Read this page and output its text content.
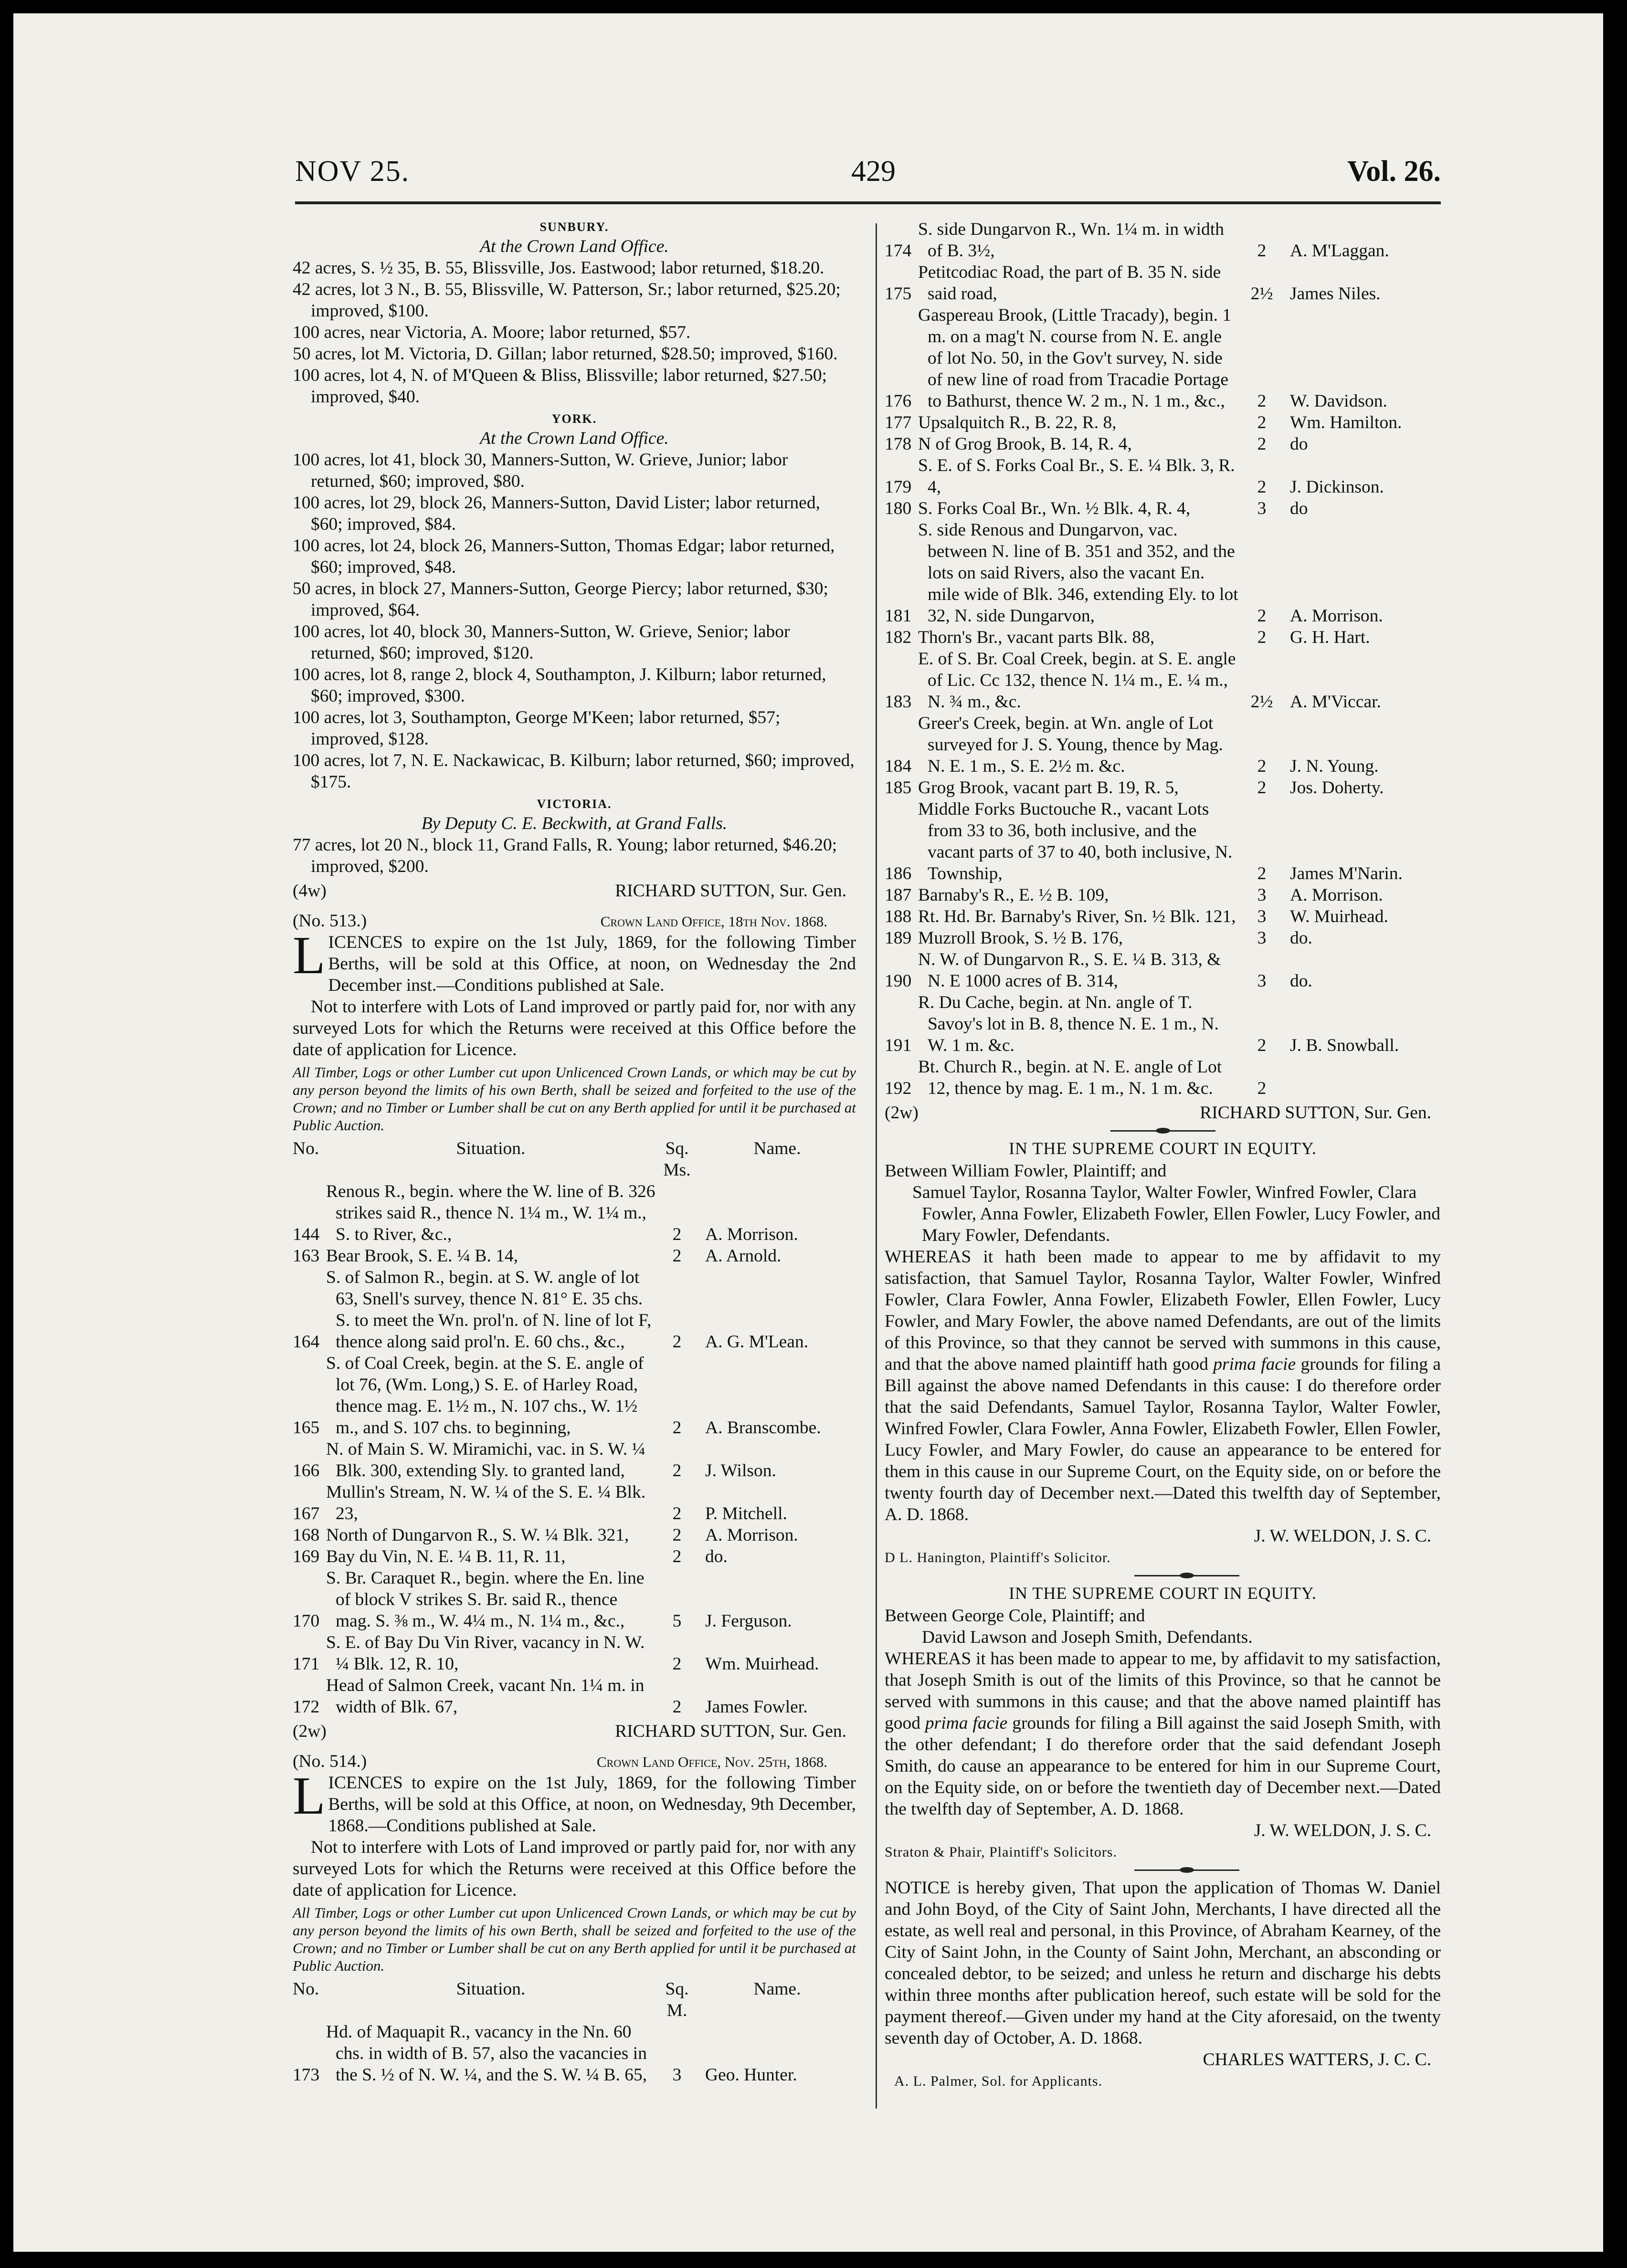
NOV 25.	429	Vol. 26.
SUNBURY.
At the Crown Land Office.

42 acres, S. ½ 35, B. 55, Blissville, Jos. Eastwood; labor returned, $18.20.

42 acres, lot 3 N., B. 55, Blissville, W. Patterson, Sr.; labor returned, $25.20; improved, $100.

100 acres, near Victoria, A. Moore; labor returned, $57.

50 acres, lot M. Victoria, D. Gillan; labor returned, $28.50; improved, $160.

100 acres, lot 4, N. of M'Queen & Bliss, Blissville; labor returned, $27.50; improved, $40.

YORK.
At the Crown Land Office.

100 acres, lot 41, block 30, Manners-Sutton, W. Grieve, Junior; labor returned, $60; improved, $80.

100 acres, lot 29, block 26, Manners-Sutton, David Lister; labor returned, $60; improved, $84.

100 acres, lot 24, block 26, Manners-Sutton, Thomas Edgar; labor returned, $60; improved, $48.

50 acres, in block 27, Manners-Sutton, George Piercy; labor returned, $30; improved, $64.

100 acres, lot 40, block 30, Manners-Sutton, W. Grieve, Senior; labor returned, $60; improved, $120.

100 acres, lot 8, range 2, block 4, Southampton, J. Kilburn; labor returned, $60; improved, $300.

100 acres, lot 3, Southampton, George M'Keen; labor returned, $57; improved, $128.

100 acres, lot 7, N. E. Nackawicac, B. Kilburn; labor returned, $60; improved, $175.

VICTORIA.
By Deputy C. E. Beckwith, at Grand Falls.

77 acres, lot 20 N., block 11, Grand Falls, R. Young; labor returned, $46.20; improved, $200.

(4w)	RICHARD SUTTON, Sur. Gen.
(No. 513.)	Crown Land Office, 18th Nov. 1868.

LICENCES to expire on the 1st July, 1869, for the following Timber Berths, will be sold at this Office, at noon, on Wednesday the 2nd December inst.—Conditions published at Sale.

Not to interfere with Lots of Land improved or partly paid for, nor with any surveyed Lots for which the Returns were received at this Office before the date of application for Licence.

All Timber, Logs or other Lumber cut upon Unlicenced Crown Lands, or which may be cut by any person beyond the limits of his own Berth, shall be seized and forfeited to the use of the Crown; and no Timber or Lumber shall be cut on any Berth applied for until it be purchased at Public Auction.

No.	Situation.	Sq. Ms.
Name.
144
Renous R., begin. where the W. line of B. 326 strikes said R., thence N. 1¼ m., W. 1¼ m., S. to River, &c.,	2	A. Morrison.
163 Bear Brook, S. E. ¼ B. 14,	2	A. Arnold.
164
S. of Salmon R., begin. at S. W. angle of lot 63, Snell's survey, thence N. 81° E. 35 chs. S. to meet the Wn. prol'n. of N. line of lot F, thence along said prol'n. E. 60 chs., &c.,	2	A. G. M'Lean.
165
S. of Coal Creek, begin. at the S. E. angle of lot 76, (Wm. Long,) S. E. of Harley Road, thence mag. E. 1½ m., N. 107 chs., W. 1½ m., and S. 107 chs. to beginning,	2	A. Branscombe.
166
N. of Main S. W. Miramichi, vac. in S. W. ¼ Blk. 300, extending Sly. to granted land,	2	J. Wilson.
167
Mullin's Stream, N. W. ¼ of the S. E. ¼ Blk. 23,	2	P. Mitchell.
168 North of Dungarvon R., S. W. ¼ Blk. 321,	2	A. Morrison.
169 Bay du Vin, N. E. ¼ B. 11, R. 11,	2	do.
170
S. Br. Caraquet R., begin. where the En. line of block V strikes S. Br. said R., thence mag. S. ⅜ m., W. 4¼ m., N. 1¼ m., &c.,	5	J. Ferguson.
171
S. E. of Bay Du Vin River, vacancy in N. W. ¼ Blk. 12, R. 10,	2	Wm. Muirhead.
172
Head of Salmon Creek, vacant Nn. 1¼ m. in width of Blk. 67,	2	James Fowler.
(2w)	RICHARD SUTTON, Sur. Gen.
(No. 514.)	Crown Land Office, Nov. 25th, 1868.

LICENCES to expire on the 1st July, 1869, for the following Timber Berths, will be sold at this Office, at noon, on Wednesday, 9th December, 1868.—Conditions published at Sale.

Not to interfere with Lots of Land improved or partly paid for, nor with any surveyed Lots for which the Returns were received at this Office before the date of application for Licence.

All Timber, Logs or other Lumber cut upon Unlicenced Crown Lands, or which may be cut by any person beyond the limits of his own Berth, shall be seized and forfeited to the use of the Crown; and no Timber or Lumber shall be cut on any Berth applied for until it be purchased at Public Auction.

No.	Situation.	Sq. M.
Name.
173
Hd. of Maquapit R., vacancy in the Nn. 60 chs. in width of B. 57, also the vacancies in the S. ½ of N. W. ¼, and the S. W. ¼ B. 65,	3	Geo. Hunter.
174
S. side Dungarvon R., Wn. 1¼ m. in width of B. 3½,	2	A. M'Laggan.
175
Petitcodiac Road, the part of B. 35 N. side said road,	2½ James Niles.
176
Gaspereau Brook, (Little Tracady), begin. 1 m. on a mag't N. course from N. E. angle of lot No. 50, in the Gov't survey, N. side of new line of road from Tracadie Portage to Bathurst, thence W. 2 m., N. 1 m., &c.,	2	W. Davidson.
177 Upsalquitch R., B. 22, R. 8,	2	Wm. Hamilton.
178 N of Grog Brook, B. 14, R. 4,	2	do
179
S. E. of S. Forks Coal Br., S. E. ¼ Blk. 3, R. 4,	2	J. Dickinson.
180 S. Forks Coal Br., Wn. ½ Blk. 4, R. 4,	3	do
181
S. side Renous and Dungarvon, vac. between N. line of B. 351 and 352, and the lots on said Rivers, also the vacant En. mile wide of Blk. 346, extending Ely. to lot 32, N. side Dungarvon,	2	A. Morrison.
182 Thorn's Br., vacant parts Blk. 88,	2	G. H. Hart.
183
E. of S. Br. Coal Creek, begin. at S. E. angle of Lic. Cc 132, thence N. 1¼ m., E. ¼ m., N. ¾ m., &c.	2½ A. M'Viccar.
184
Greer's Creek, begin. at Wn. angle of Lot surveyed for J. S. Young, thence by Mag. N. E. 1 m., S. E. 2½ m. &c.	2	J. N. Young.
185 Grog Brook, vacant part B. 19, R. 5,	2	Jos. Doherty.
186
Middle Forks Buctouche R., vacant Lots from 33 to 36, both inclusive, and the vacant parts of 37 to 40, both inclusive, N. Township,	2	James M'Narin.
187 Barnaby's R., E. ½ B. 109,	3	A. Morrison.
188 Rt. Hd. Br. Barnaby's River, Sn. ½ Blk. 121,	3	W. Muirhead.
189 Muzroll Brook, S. ½ B. 176,	3	do.
190
N. W. of Dungarvon R., S. E. ¼ B. 313, & N. E 1000 acres of B. 314,	3	do.
191
R. Du Cache, begin. at Nn. angle of T. Savoy's lot in B. 8, thence N. E. 1 m., N. W. 1 m. &c.	2	J. B. Snowball.
192
Bt. Church R., begin. at N. E. angle of Lot 12, thence by mag. E. 1 m., N. 1 m. &c.	2
(2w)	RICHARD SUTTON, Sur. Gen.
IN THE SUPREME COURT IN EQUITY.

Between William Fowler, Plaintiff; and

Samuel Taylor, Rosanna Taylor, Walter Fowler, Winfred Fowler, Clara Fowler, Anna Fowler, Elizabeth Fowler, Ellen Fowler, Lucy Fowler, and Mary Fowler, Defendants.

WHEREAS it hath been made to appear to me by affidavit to my satisfaction, that Samuel Taylor, Rosanna Taylor, Walter Fowler, Winfred Fowler, Clara Fowler, Anna Fowler, Elizabeth Fowler, Ellen Fowler, Lucy Fowler, and Mary Fowler, the above named Defendants, are out of the limits of this Province, so that they cannot be served with summons in this cause, and that the above named plaintiff hath good prima facie grounds for filing a Bill against the above named Defendants in this cause: I do therefore order that the said Defendants, Samuel Taylor, Rosanna Taylor, Walter Fowler, Winfred Fowler, Clara Fowler, Anna Fowler, Elizabeth Fowler, Ellen Fowler, Lucy Fowler, and Mary Fowler, do cause an appearance to be entered for them in this cause in our Supreme Court, on the Equity side, on or before the twenty fourth day of December next.—Dated this twelfth day of September, A. D. 1868.

J. W. WELDON, J. S. C.
D L. Hanington, Plaintiff's Solicitor.
IN THE SUPREME COURT IN EQUITY.

Between George Cole, Plaintiff; and

David Lawson and Joseph Smith, Defendants.

WHEREAS it has been made to appear to me, by affidavit to my satisfaction, that Joseph Smith is out of the limits of this Province, so that he cannot be served with summons in this cause; and that the above named plaintiff has good prima facie grounds for filing a Bill against the said Joseph Smith, with the other defendant; I do therefore order that the said defendant Joseph Smith, do cause an appearance to be entered for him in our Supreme Court, on the Equity side, on or before the twentieth day of December next.—Dated the twelfth day of September, A. D. 1868.

J. W. WELDON, J. S. C.
Straton & Phair, Plaintiff's Solicitors.

NOTICE is hereby given, That upon the application of Thomas W. Daniel and John Boyd, of the City of Saint John, Merchants, I have directed all the estate, as well real and personal, in this Province, of Abraham Kearney, of the City of Saint John, in the County of Saint John, Merchant, an absconding or concealed debtor, to be seized; and unless he return and discharge his debts within three months after publication hereof, such estate will be sold for the payment thereof.—Given under my hand at the City aforesaid, on the twenty seventh day of October, A. D. 1868.

CHARLES WATTERS, J. C. C.
A. L. Palmer, Sol. for Applicants.
